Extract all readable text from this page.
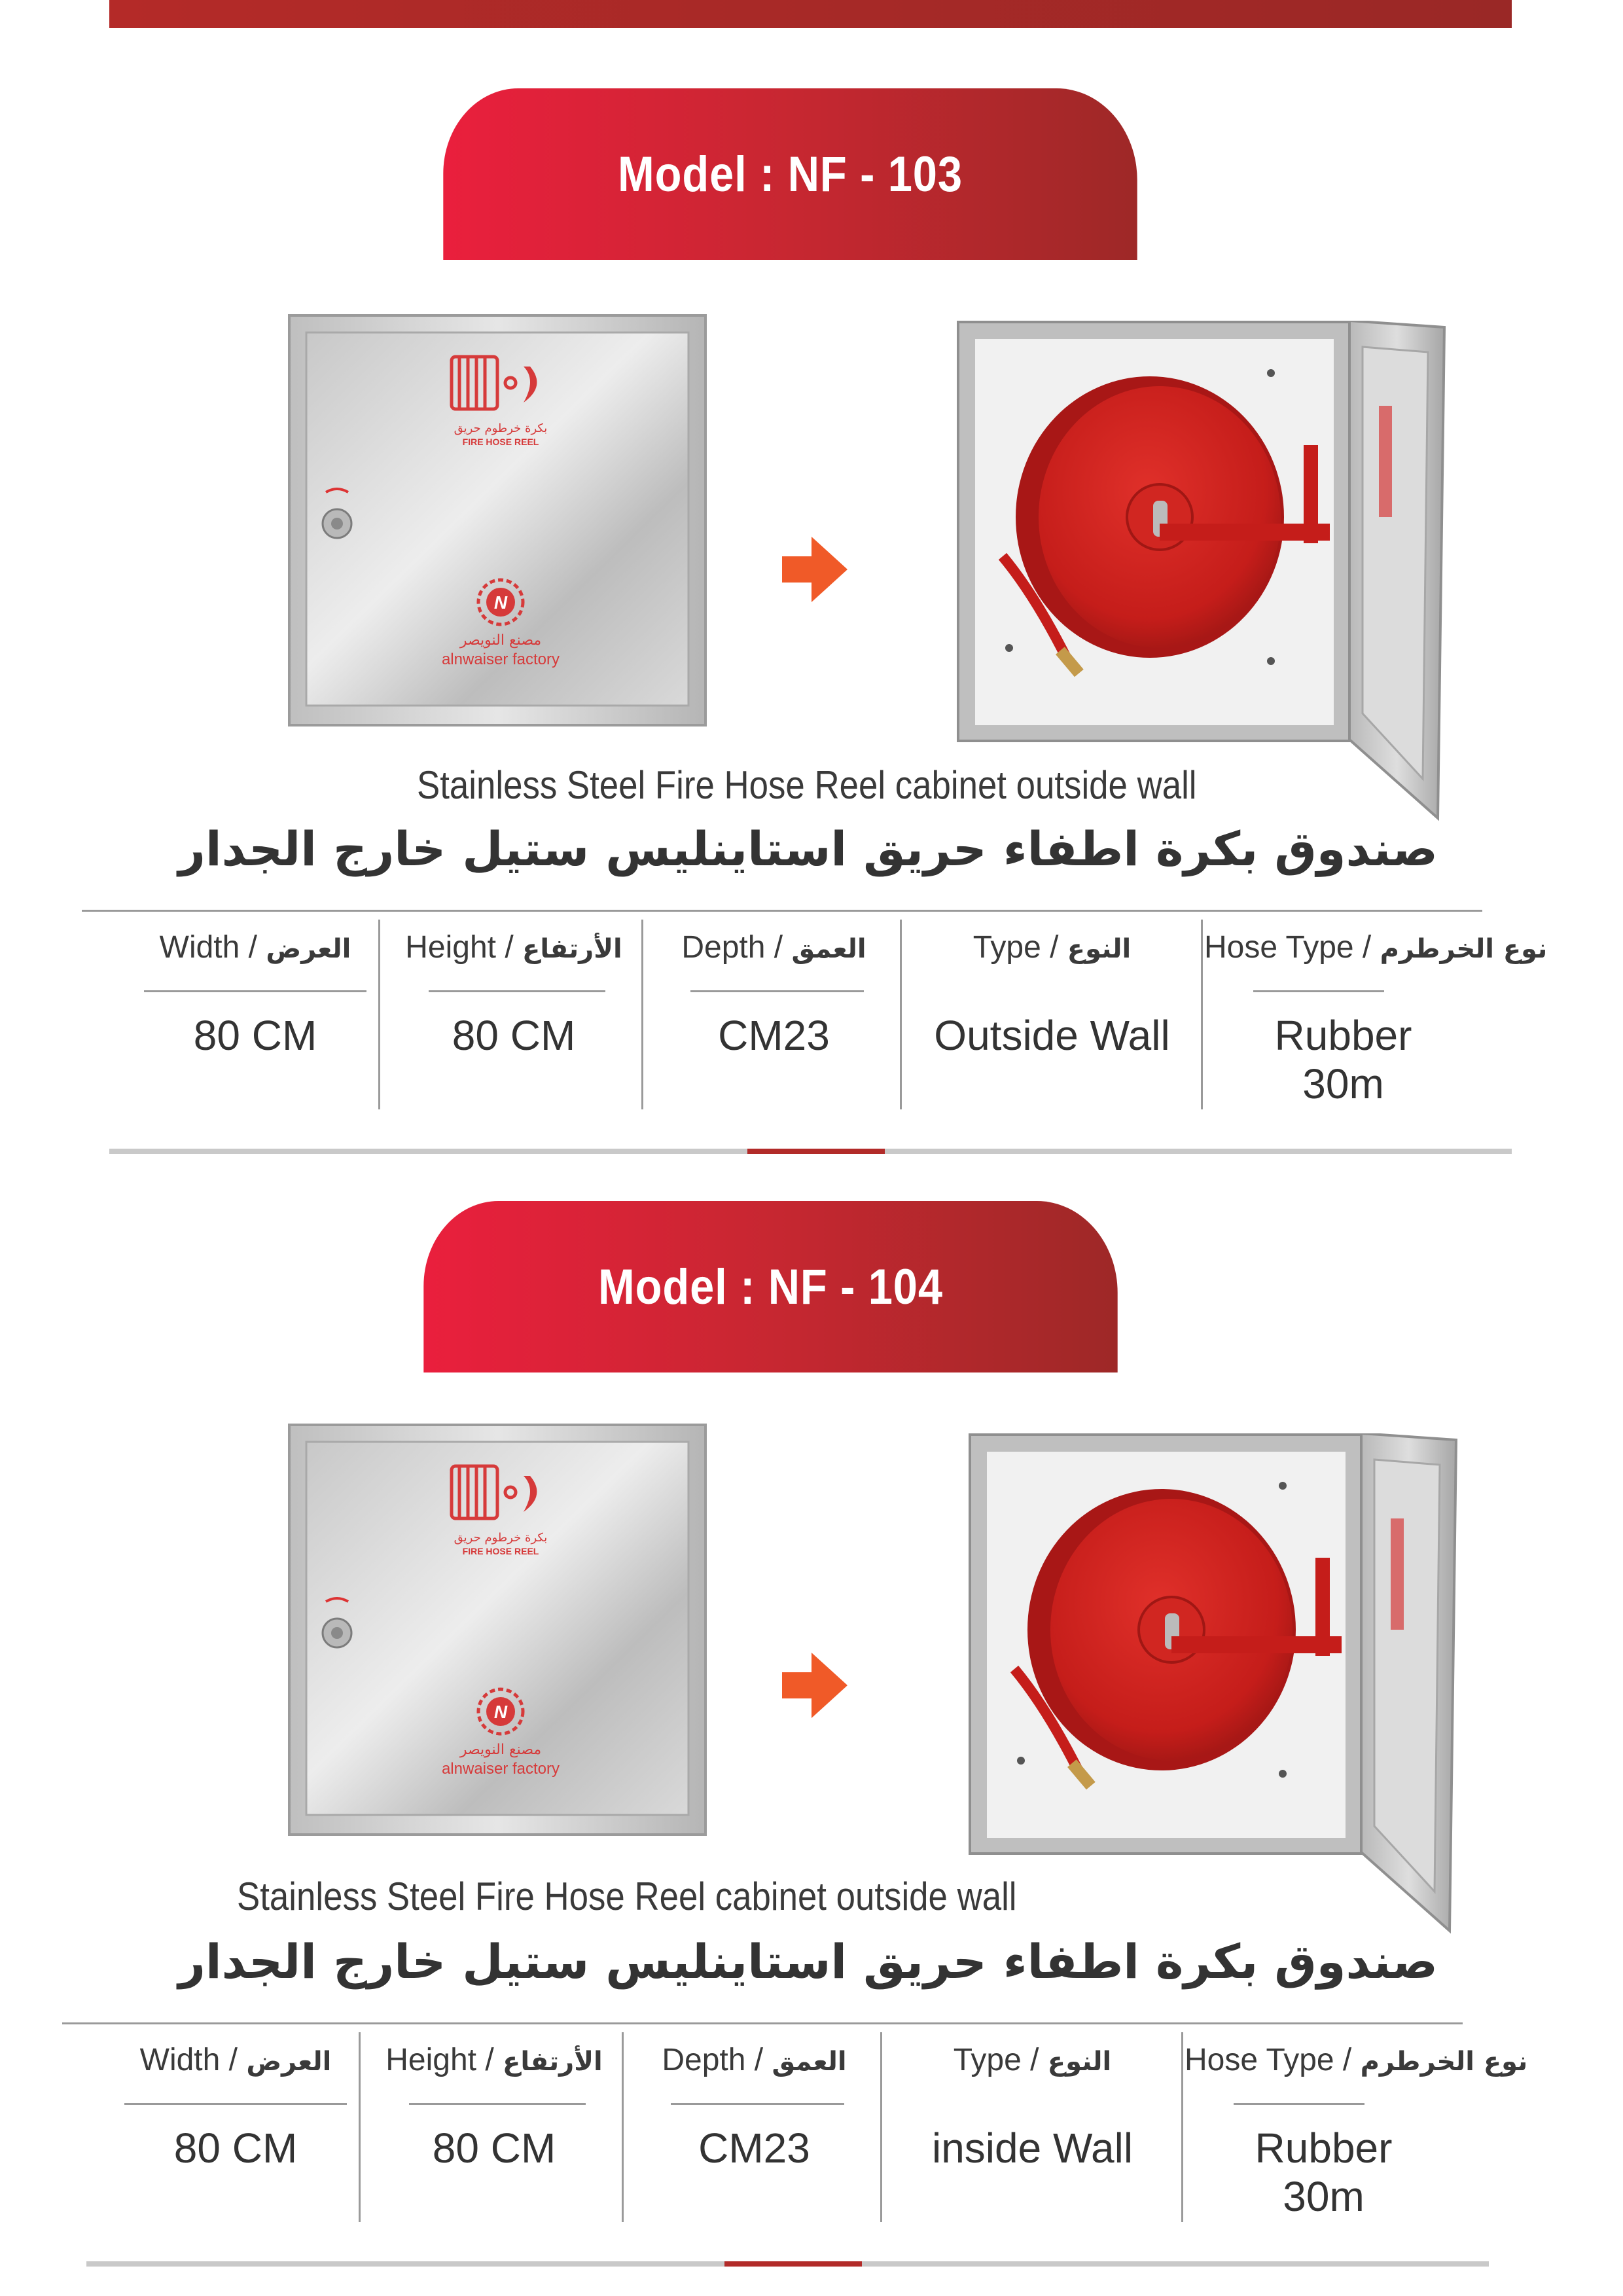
Model : NF - 103
بكرة خرطوم حريق
FIRE HOSE REEL
N
مصنع النويصر
alnwaiser factory
Stainless Steel Fire Hose Reel cabinet outside wall
صندوق بكرة اطفاء حريق استاينليس ستيل خارج الجدار
Width / العرض
80 CM
Height / الأرتفاع
80 CM
Depth / العمق
CM23
Type / النوع
Outside Wall
Hose Type / نوع الخرطرم
Rubber
30m
Model : NF - 104
بكرة خرطوم حريق
FIRE HOSE REEL
N
مصنع النويصر
alnwaiser factory
Stainless Steel Fire Hose Reel cabinet outside wall
صندوق بكرة اطفاء حريق استاينليس ستيل خارج الجدار
Width / العرض
80 CM
Height / الأرتفاع
80 CM
Depth / العمق
CM23
Type / النوع
inside Wall
Hose Type / نوع الخرطرم
Rubber
30m
